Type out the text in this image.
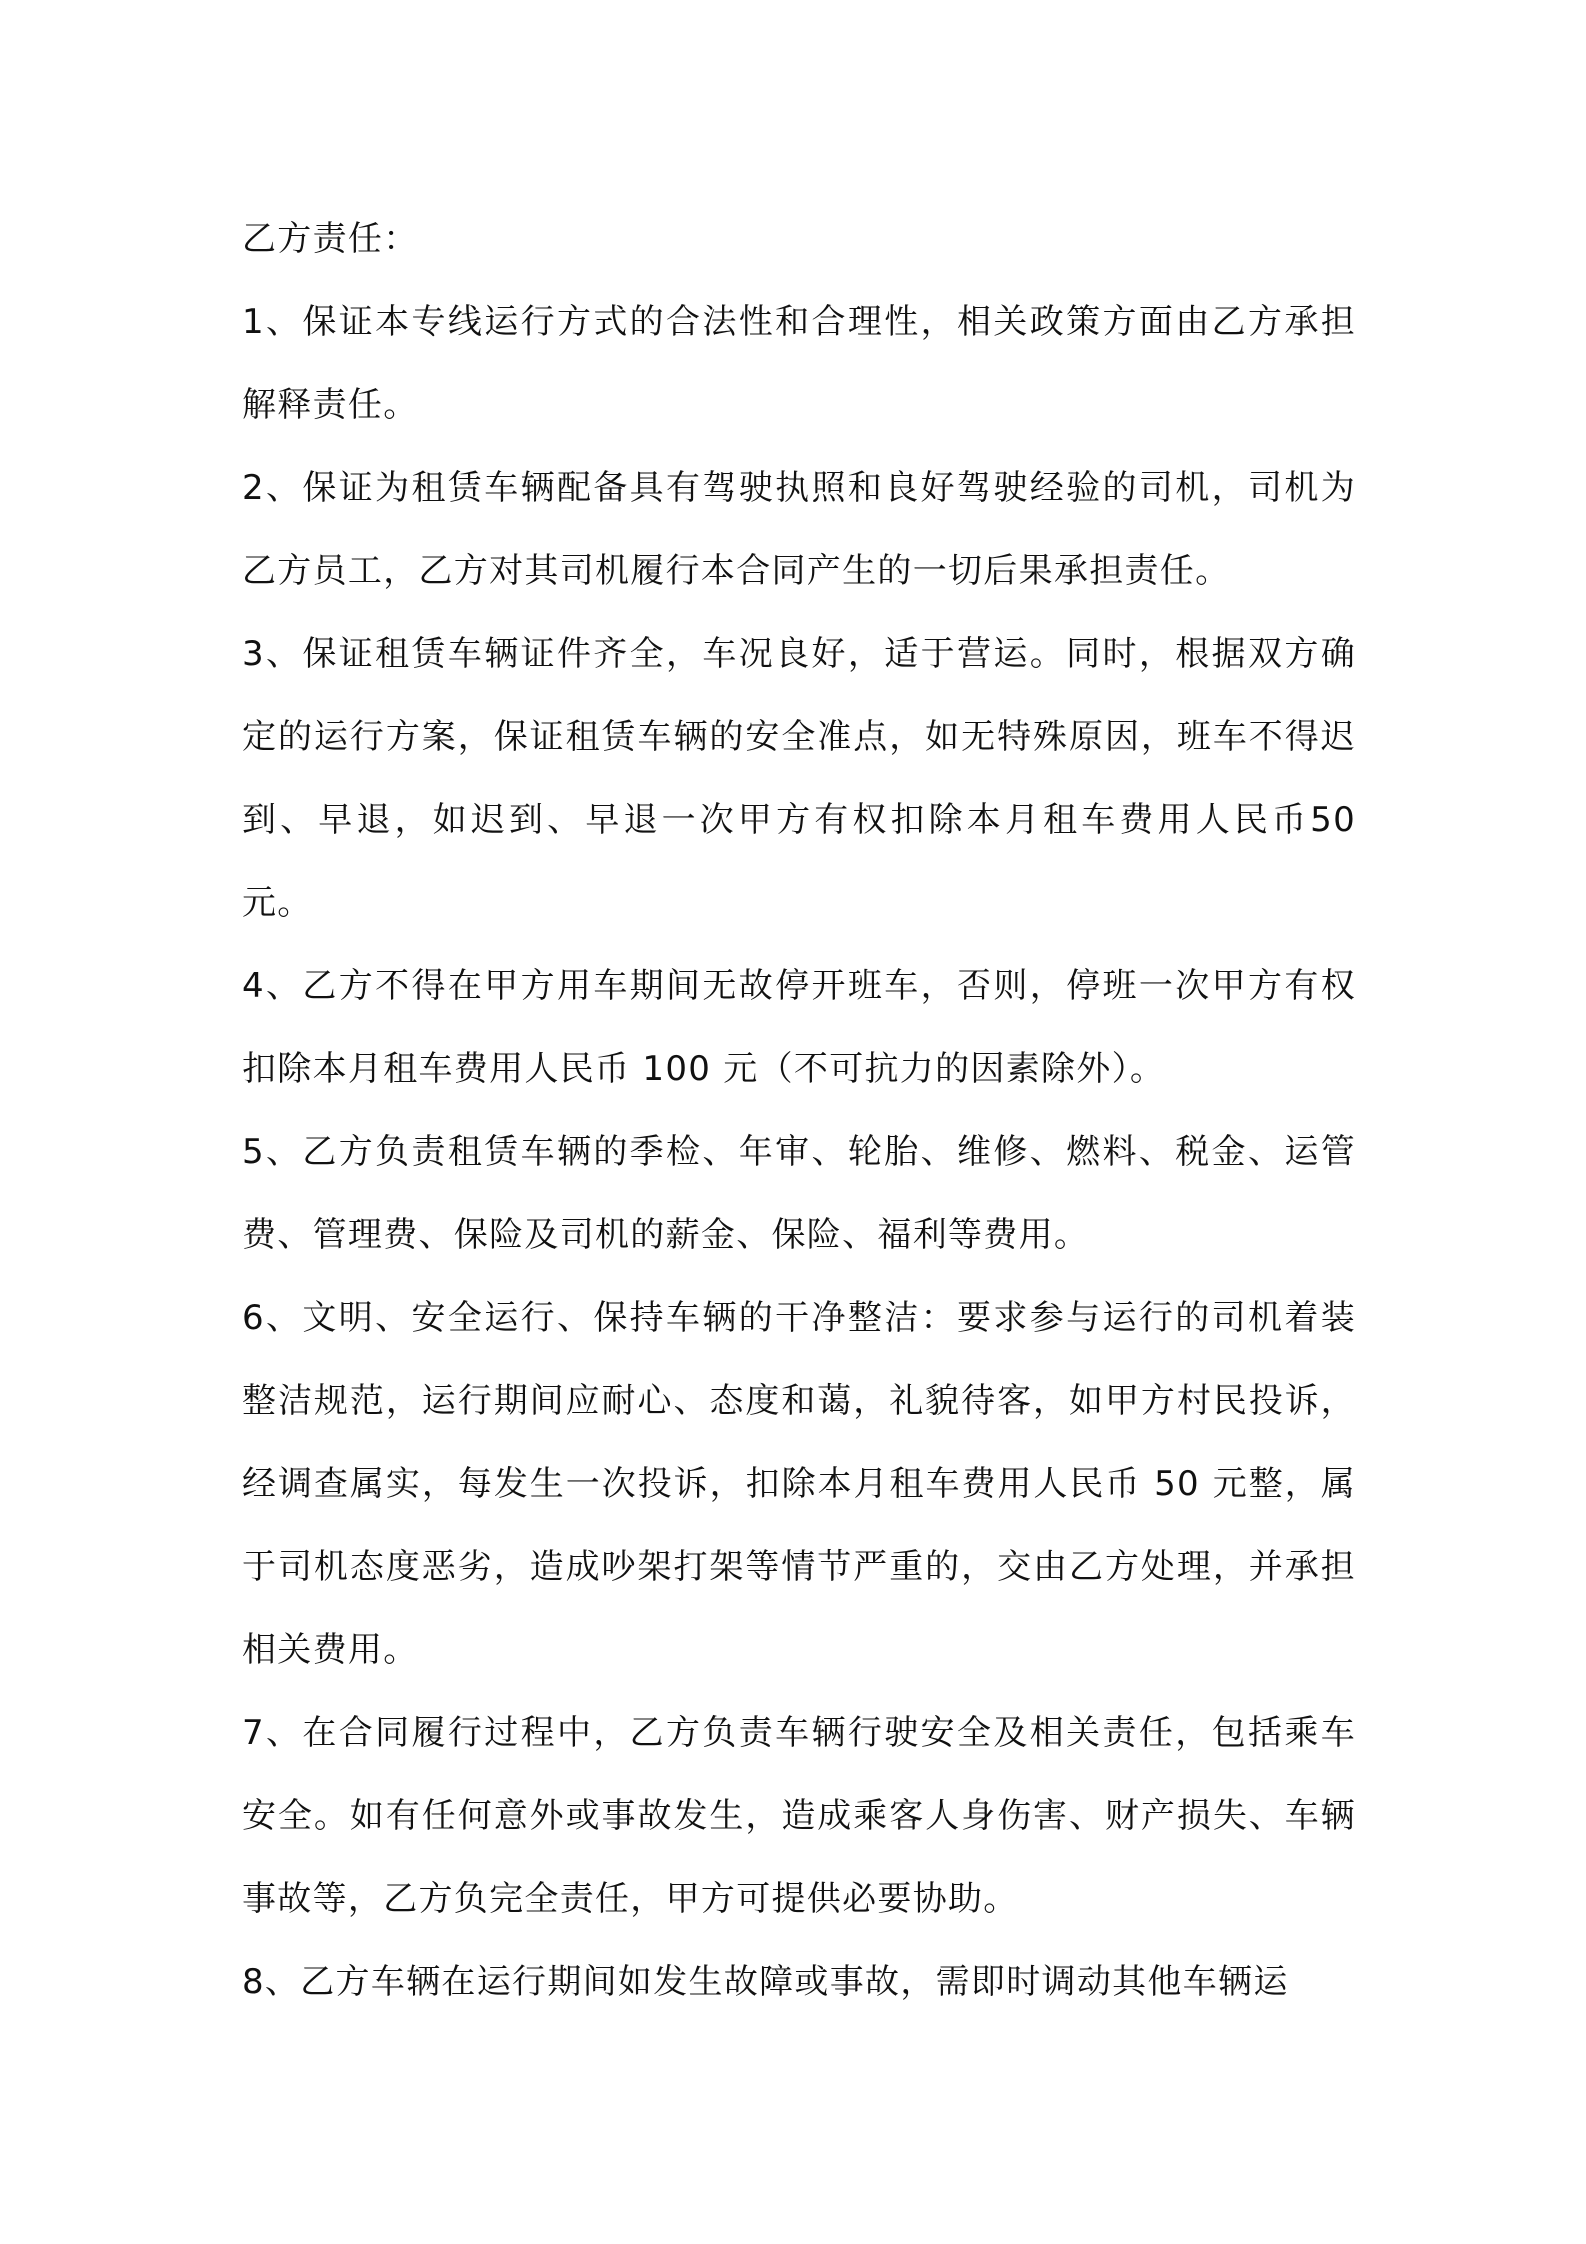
乙方责任：

1、保证本专线运行方式的合法性和合理性，相关政策方面由乙方承担解释责任。

2、保证为租赁车辆配备具有驾驶执照和良好驾驶经验的司机，司机为乙方员工，乙方对其司机履行本合同产生的一切后果承担责任。

3、保证租赁车辆证件齐全，车况良好，适于营运。同时，根据双方确定的运行方案，保证租赁车辆的安全准点，如无特殊原因，班车不得迟到、早退，如迟到、早退一次甲方有权扣除本月租车费用人民币50 元。

4、乙方不得在甲方用车期间无故停开班车，否则，停班一次甲方有权扣除本月租车费用人民币 100 元（不可抗力的因素除外）。

5、乙方负责租赁车辆的季检、年审、轮胎、维修、燃料、税金、运管费、管理费、保险及司机的薪金、保险、福利等费用。

6、文明、安全运行、保持车辆的干净整洁：要求参与运行的司机着装整洁规范，运行期间应耐心、态度和蔼，礼貌待客，如甲方村民投诉，经调查属实，每发生一次投诉，扣除本月租车费用人民币 50 元整，属于司机态度恶劣，造成吵架打架等情节严重的，交由乙方处理，并承担相关费用。

7、在合同履行过程中，乙方负责车辆行驶安全及相关责任，包括乘车安全。如有任何意外或事故发生，造成乘客人身伤害、财产损失、车辆事故等，乙方负完全责任，甲方可提供必要协助。

8、乙方车辆在运行期间如发生故障或事故，需即时调动其他车辆运
